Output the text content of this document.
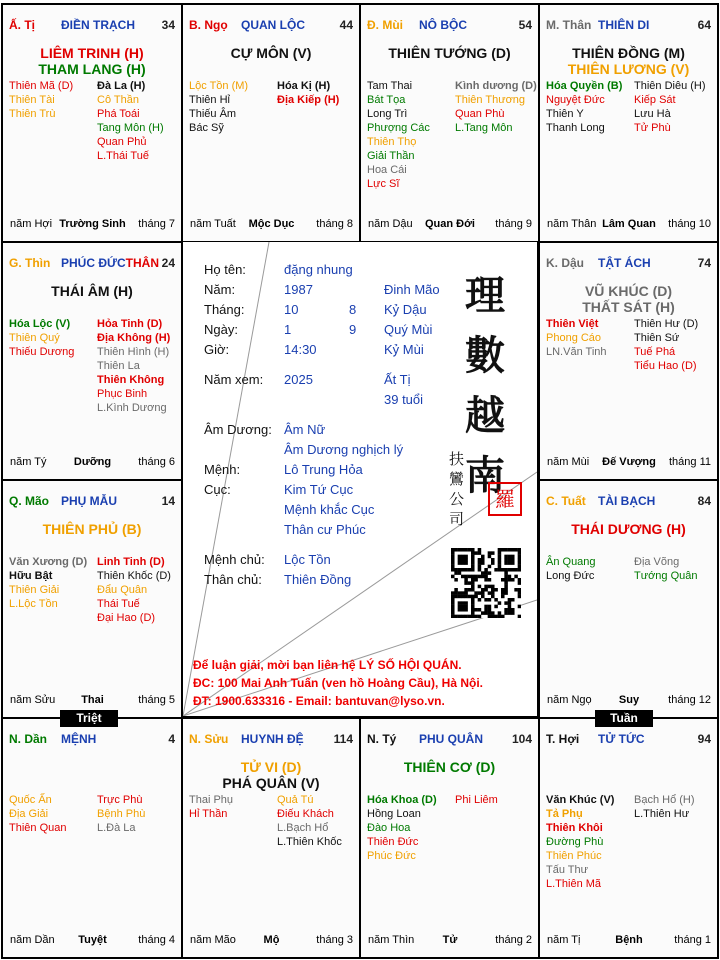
Ấ. Tị ĐIỀN TRẠCH 34
LIÊM TRINH (H)
THAM LANG (H)
Thiên Mã (D)
Thiên Tài
Thiên Trù
Đà La (H)
Cô Thần
Phá Toái
Tang Môn (H)
Quan Phủ
L.Thái Tuế
năm Hợi Trường Sinh	tháng 7
B. Ngọ QUAN LỘC	44
CỰ MÔN (V)
Lộc Tồn (M)
Thiên Hỉ
Thiếu Âm
Bác Sỹ
Hóa Kị (H)
Địa Kiếp (H)
năm Tuất	Mộc Dục	tháng 8
Đ. Mùi NÔ BỘC	54
THIÊN TƯỚNG (D)
Tam Thai
Bát Tọa
Long Trì
Phượng Các
Thiên Thọ
Giải Thần
Hoa Cái
Lực Sĩ
Kình dương (D)
Thiên Thương
Quan Phù
L.Tang Môn
năm Dậu	Quan Đới	tháng 9
M. Thân THIÊN DI	64
THIÊN ĐỒNG (M)
THIÊN LƯƠNG (V)
Hóa Quyền (B)
Nguyệt Đức
Thiên Y
Thanh Long
Thiên Diêu (H)
Kiếp Sát
Lưu Hà
Tử Phù
năm Thân Lâm Quan	tháng 10
G. Thìn PHÚC ĐỨC	24
THÂN
THÁI ÂM (H)
Hóa Lộc (V)
Thiên Quý
Thiếu Dương
Hỏa Tinh (D)
Địa Không (H)
Thiên Hình (H)
Thiên La
Thiên Không
Phục Binh
L.Kình Dương
năm Tý	Dưỡng	tháng 6
K. Dậu TẬT ÁCH	74
VŨ KHÚC (D)
THẤT SÁT (H)
Thiên Việt
Phong Cáo
LN.Văn Tinh
Thiên Hư (D)
Thiên Sứ
Tuế Phá
Tiểu Hao (D)
năm Mùi	Đế Vượng	tháng 11
Q. Mão PHỤ MẪU	14
THIÊN PHỦ (B)
Văn Xương (D)
Hữu Bật
Thiên Giải
L.Lộc Tồn
Linh Tinh (D)
Thiên Khốc (D)
Đẩu Quân
Thái Tuế
Đại Hao (D)
năm Sửu	Thai	tháng 5
C. Tuất TÀI BẠCH	84
THÁI DƯƠNG (H)
Ân Quang
Long Đức
Địa Võng
Tướng Quân
năm Ngọ	Suy	tháng 12
N. Dần MỆNH	4
Quốc Ấn
Địa Giải
Thiên Quan
Trực Phù
Bệnh Phù
L.Đà La
năm Dần	Tuyệt	tháng 4
N. Sửu HUYNH ĐỆ 114
TỬ VI (D)
PHÁ QUÂN (V)
Thai Phụ
Hỉ Thần
Quả Tú
Điếu Khách
L.Bạch Hổ
L.Thiên Khốc
năm Mão	Mộ	tháng 3
N. Tý PHU QUÂN 104
THIÊN CƠ (D)
Hóa Khoa (D)
Hồng Loan
Đào Hoa
Thiên Đức
Phúc Đức
Phi Liêm
năm Thìn	Tử	tháng 2
T. Hợi TỬ TỨC	94
Văn Khúc (V)
Tả Phụ
Thiên Khôi
Đường Phù
Thiên Phúc
Tấu Thư
L.Thiên Mã
Bạch Hổ (H)
L.Thiên Hư
năm Tị	Bệnh	tháng 1
Họ tên:	đặng nhung
Năm:	1987	Đinh Mão
Tháng:	10	8 Kỷ Dậu
Ngày:	1	9 Quý Mùi
Giờ:	14:30	Kỷ Mùi
Năm xem: 2025	Ất Tị
39 tuổi
Âm Dương: Âm Nữ
Âm Dương nghịch lý
Mệnh:	Lô Trung Hỏa
Cục:	Kim Tứ Cục
Mệnh khắc Cục
Thân cư Phúc
Mệnh chủ: Lộc Tồn
Thân chủ: Thiên Đồng
理
數
越
南
扶
鸞
公
司
羅
Để luận giải, mời bạn liên hệ LÝ SỐ HỘI QUÁN.
ĐC: 100 Mai Anh Tuấn (ven hồ Hoàng Cầu), Hà Nội.
ĐT: 1900.633316 - Email: bantuvan@lyso.vn.
Triệt	Tuần
